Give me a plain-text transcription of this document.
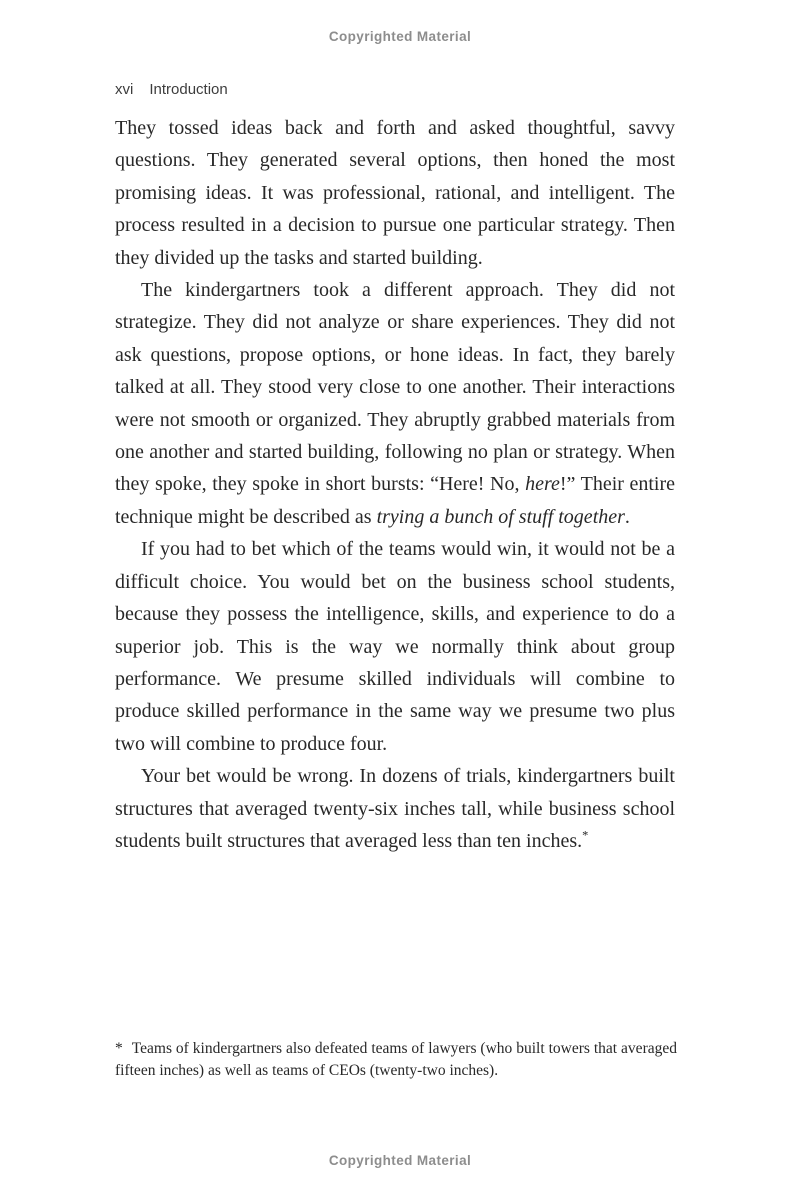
Copyrighted Material
xvi Introduction

They tossed ideas back and forth and asked thoughtful, savvy questions. They generated several options, then honed the most promising ideas. It was professional, rational, and intelligent. The process resulted in a decision to pursue one particular strategy. Then they divided up the tasks and started building.

The kindergartners took a different approach. They did not strategize. They did not analyze or share experiences. They did not ask questions, propose options, or hone ideas. In fact, they barely talked at all. They stood very close to one another. Their interactions were not smooth or organized. They abruptly grabbed materials from one another and started building, following no plan or strategy. When they spoke, they spoke in short bursts: “Here! No, here!” Their entire technique might be described as trying a bunch of stuff together.

If you had to bet which of the teams would win, it would not be a difficult choice. You would bet on the business school students, because they possess the intelligence, skills, and experience to do a superior job. This is the way we normally think about group performance. We presume skilled individuals will combine to produce skilled performance in the same way we presume two plus two will combine to produce four.

Your bet would be wrong. In dozens of trials, kindergartners built structures that averaged twenty-six inches tall, while business school students built structures that averaged less than ten inches.*

* Teams of kindergartners also defeated teams of lawyers (who built towers that averaged fifteen inches) as well as teams of CEOs (twenty-two inches).
Copyrighted Material
